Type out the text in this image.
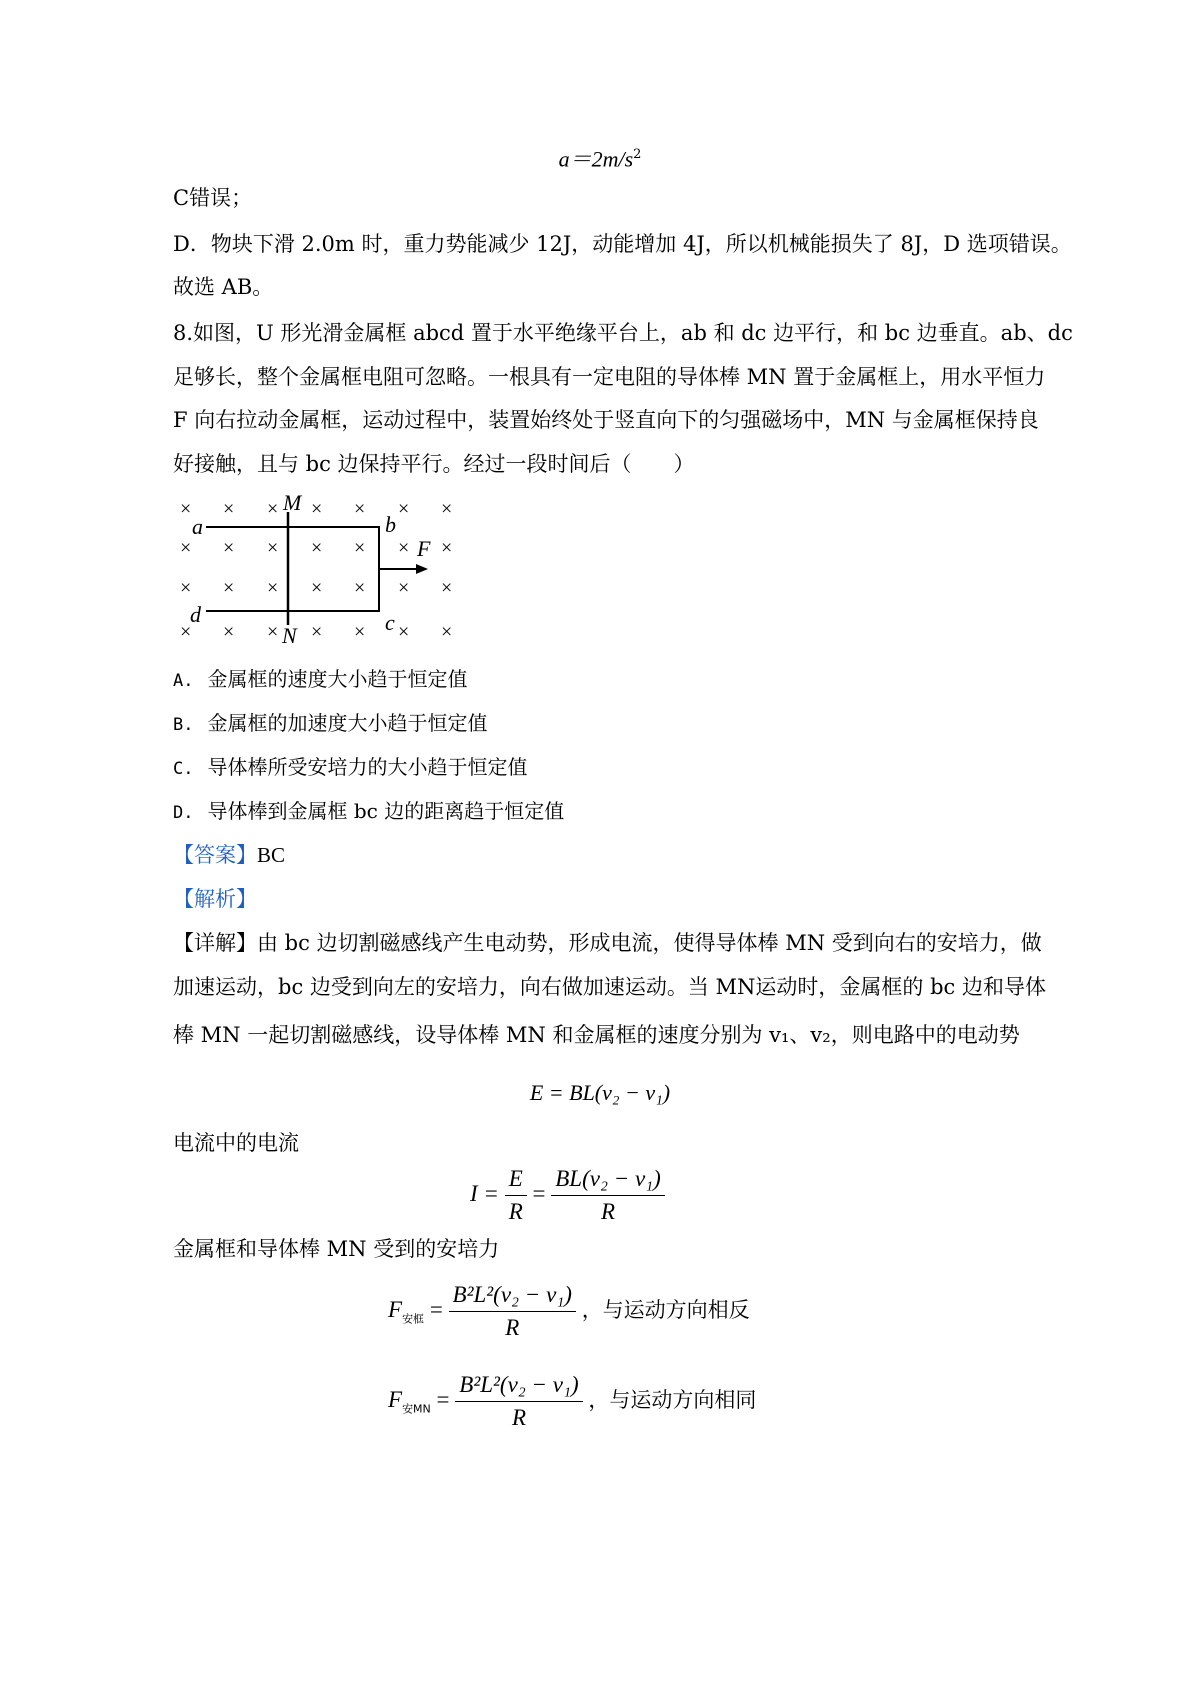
$a=2m/s^2$
C错误；
D．物块下滑 2.0m 时，重力势能减少 12J，动能增加 4J，所以机械能损失了 8J，D 选项错误。
故选 AB。
8.如图，U 形光滑金属框 abcd 置于水平绝缘平台上，ab 和 dc 边平行，和 bc 边垂直。ab、dc
足够长，整个金属框电阻可忽略。一根具有一定电阻的导体棒 MN 置于金属框上，用水平恒力
F 向右拉动金属框，运动过程中，装置始终处于竖直向下的匀强磁场中，MN 与金属框保持良
好接触，且与 bc 边保持平行。经过一段时间后（　　）
× × × × × × ×
× × × × × × ×
× × × × × × ×
× × × × × × ×
M
N
a	b
c
d
F
A. 金属框的速度大小趋于恒定值
B. 金属框的加速度大小趋于恒定值
C. 导体棒所受安培力的大小趋于恒定值
D. 导体棒到金属框 bc 边的距离趋于恒定值
【答案】BC
【解析】
【详解】由 bc 边切割磁感线产生电动势，形成电流，使得导体棒 MN 受到向右的安培力，做
加速运动，bc 边受到向左的安培力，向右做加速运动。当 MN运动时，金属框的 bc 边和导体
棒 MN 一起切割磁感线，设导体棒 MN 和金属框的速度分别为 v₁、v₂，则电路中的电动势
E = BL(v₂ − v₁)
电流中的电流
$I = \frac{E}{R} = \frac{\text{BL(v₂ − v₁)}}{R}$
金属框和导体棒 MN 受到的安培力
$F_{安框} = \frac{\text{B²L²(v₂ − v₁)}}{R}$ ，与运动方向相反
$F_{安MN} = \frac{\text{B²L²(v₂ − v₁)}}{R}$ ，与运动方向相同
